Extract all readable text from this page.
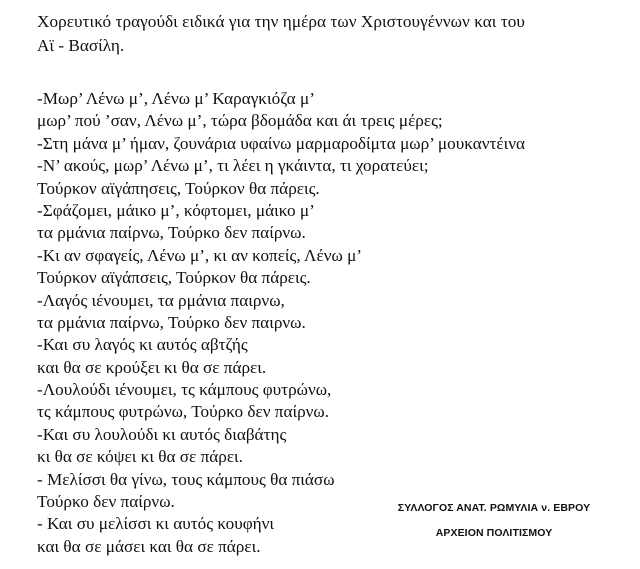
Χορευτικό τραγούδι ειδικά για την ημέρα των Χριστουγέννων και του
Αϊ - Βασίλη.

-Μωρ’ Λένω μ’, Λένω μ’ Καραγκιόζα μ’
μωρ’ πού ’σαν, Λένω μ’, τώρα βδομάδα και άι τρεις μέρες;
-Στη μάνα μ’ ήμαν, ζουνάρια υφαίνω μαρμαροδίμτα μωρ’ μουκαντέινα
-Ν’ ακούς, μωρ’ Λένω μ’, τι λέει η γκάιντα, τι χορατεύει;
Τούρκον αϊγάπησεις, Τούρκον θα πάρεις.
-Σφάζομει, μάικο μ’, κόφτομει, μάικο μ’
τα ρμάνια παίρνω, Τούρκο δεν παίρνω.
-Κι αν σφαγείς, Λένω μ’, κι αν κοπείς, Λένω μ’
Τούρκον αϊγάπσεις, Τούρκον θα πάρεις.
-Λαγός ιένουμει, τα ρμάνια παιρνω,
τα ρμάνια παίρνω, Τούρκο δεν παιρνω.
-Και συ λαγός κι αυτός αβτζής
και θα σε κρούξει κι θα σε πάρει.
-Λουλούδι ιένουμει, τς κάμπους φυτρώνω,
τς κάμπους φυτρώνω, Τούρκο δεν παίρνω.
-Και συ λουλούδι κι αυτός διαβάτης
κι θα σε κόψει κι θα σε πάρει.
- Μελίσσι θα γίνω, τους κάμπους θα πιάσω
Τούρκο δεν παίρνω.
- Και συ μελίσσι κι αυτός κουφήνι
και θα σε μάσει και θα σε πάρει.
ΣΥΛΛΟΓΟΣ ΑΝΑΤ. ΡΩΜΥΛΙΑ ν. ΕΒΡΟΥ
ΑΡΧΕΙΟΝ ΠΟΛΙΤΙΣΜΟΥ
